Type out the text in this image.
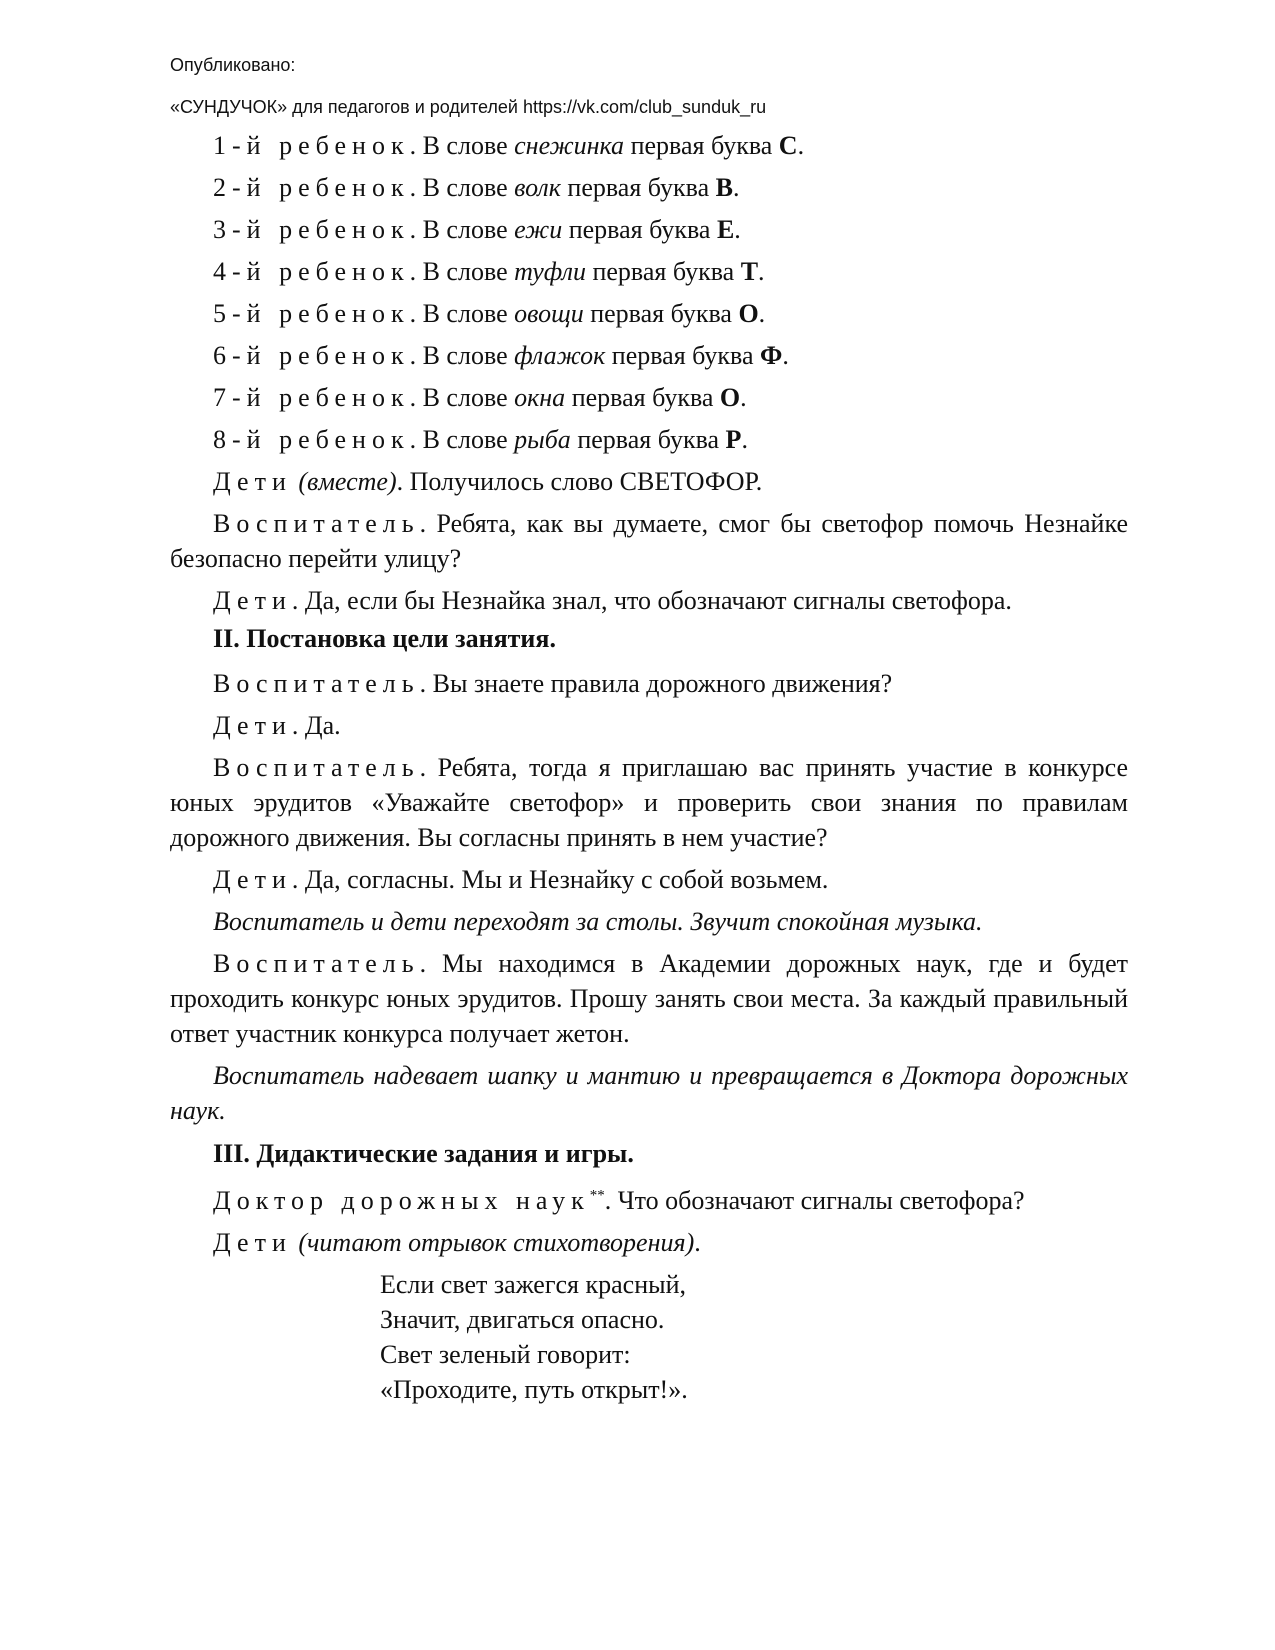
Опубликовано:
«СУНДУЧОК» для педагогов и родителей https://vk.com/club_sunduk_ru
1-й ребенок. В слове снежинка первая буква С.
2-й ребенок. В слове волк первая буква В.
3-й ребенок. В слове ежи первая буква Е.
4-й ребенок. В слове туфли первая буква Т.
5-й ребенок. В слове овощи первая буква О.
6-й ребенок. В слове флажок первая буква Ф.
7-й ребенок. В слове окна первая буква О.
8-й ребенок. В слове рыба первая буква Р.
Дети (вместе). Получилось слово СВЕТОФОР.
Воспитатель. Ребята, как вы думаете, смог бы светофор помочь Незнайке безопасно перейти улицу?
Дети. Да, если бы Незнайка знал, что обозначают сигналы светофора.
II. Постановка цели занятия.
Воспитатель. Вы знаете правила дорожного движения?
Дети. Да.
Воспитатель. Ребята, тогда я приглашаю вас принять участие в конкурсе юных эрудитов «Уважайте светофор» и проверить свои знания по правилам дорожного движения. Вы согласны принять в нем участие?
Дети. Да, согласны. Мы и Незнайку с собой возьмем.
Воспитатель и дети переходят за столы. Звучит спокойная музыка.
Воспитатель. Мы находимся в Академии дорожных наук, где и будет проходить конкурс юных эрудитов. Прошу занять свои места. За каждый правильный ответ участник конкурса получает жетон.
Воспитатель надевает шапку и мантию и превращается в Доктора дорожных наук.
III. Дидактические задания и игры.
Доктор дорожных наук**. Что обозначают сигналы светофора?
Дети (читают отрывок стихотворения).
Если свет зажегся красный,
Значит, двигаться опасно.
Свет зеленый говорит:
«Проходите, путь открыт!».
